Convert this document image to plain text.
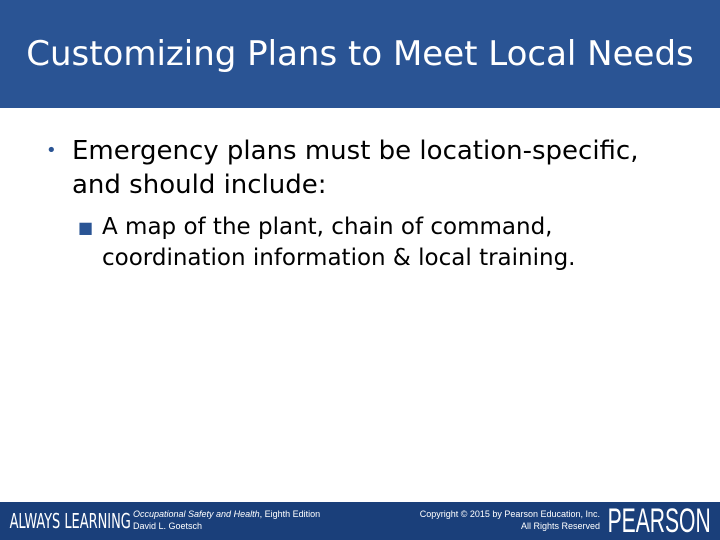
Customizing Plans to Meet Local Needs
• Emergency plans must be location-specific, and should include:
■ A map of the plant, chain of command, coordination information & local training.
ALWAYS LEARNING Occupational Safety and Health, Eighth Edition
David L. Goetsch
Copyright © 2015 by Pearson Education, Inc.
All Rights Reserved PEARSON
